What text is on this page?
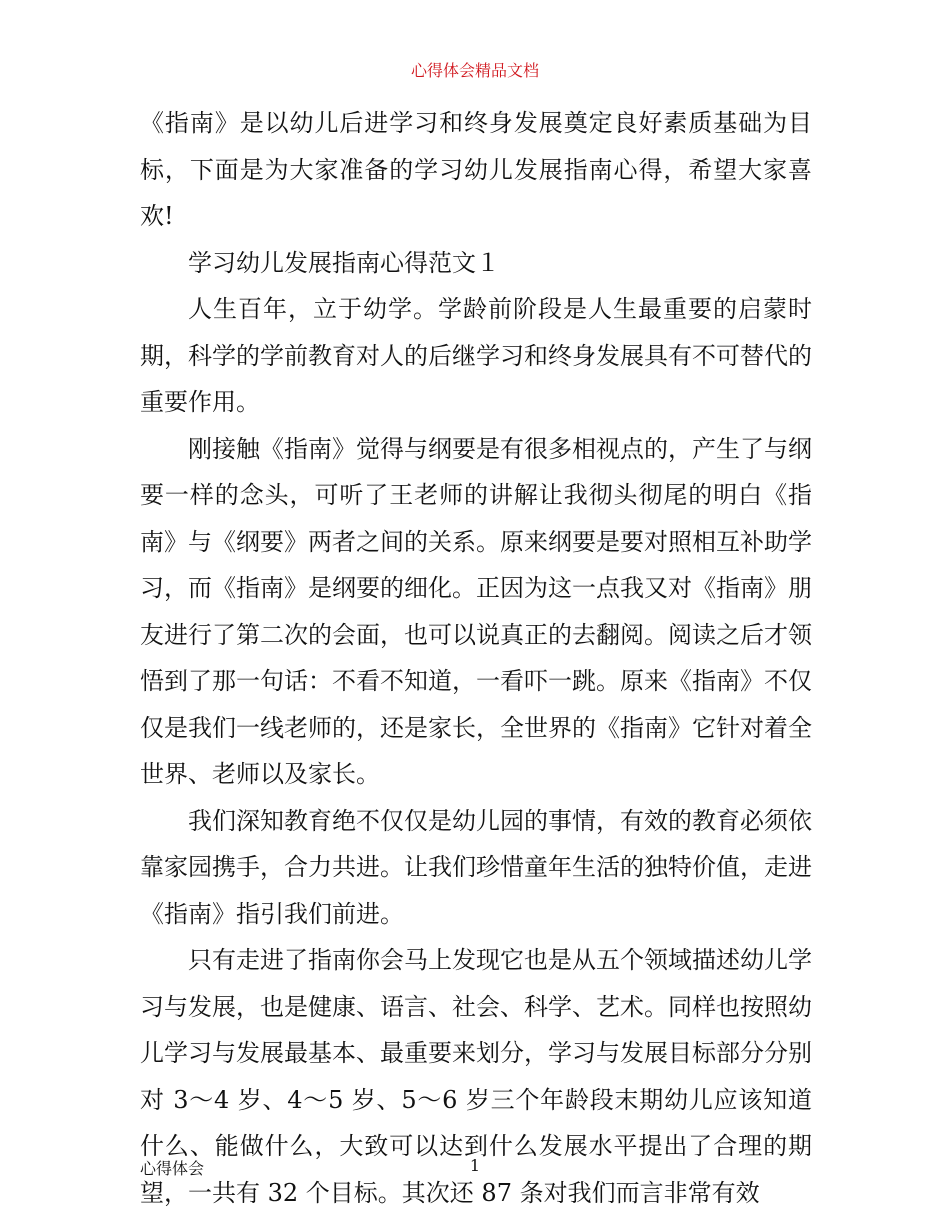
心得体会精品文档

《指南》是以幼儿后进学习和终身发展奠定良好素质基础为目标，下面是为大家准备的学习幼儿发展指南心得，希望大家喜欢!

学习幼儿发展指南心得范文１

人生百年，立于幼学。学龄前阶段是人生最重要的启蒙时期，科学的学前教育对人的后继学习和终身发展具有不可替代的重要作用。

刚接触《指南》觉得与纲要是有很多相视点的，产生了与纲要一样的念头，可听了王老师的讲解让我彻头彻尾的明白《指南》与《纲要》两者之间的关系。原来纲要是要对照相互补助学习，而《指南》是纲要的细化。正因为这一点我又对《指南》朋友进行了第二次的会面，也可以说真正的去翻阅。阅读之后才领悟到了那一句话：不看不知道，一看吓一跳。原来《指南》不仅仅是我们一线老师的，还是家长，全世界的《指南》它针对着全世界、老师以及家长。

我们深知教育绝不仅仅是幼儿园的事情，有效的教育必须依靠家园携手，合力共进。让我们珍惜童年生活的独特价值，走进《指南》指引我们前进。

只有走进了指南你会马上发现它也是从五个领域描述幼儿学习与发展，也是健康、语言、社会、科学、艺术。同样也按照幼儿学习与发展最基本、最重要来划分，学习与发展目标部分分别对 3～4 岁、4～5 岁、5～6 岁三个年龄段末期幼儿应该知道什么、能做什么，大致可以达到什么发展水平提出了合理的期望，一共有 32 个目标。其次还 87 条对我们而言非常有效

心得体会	1
